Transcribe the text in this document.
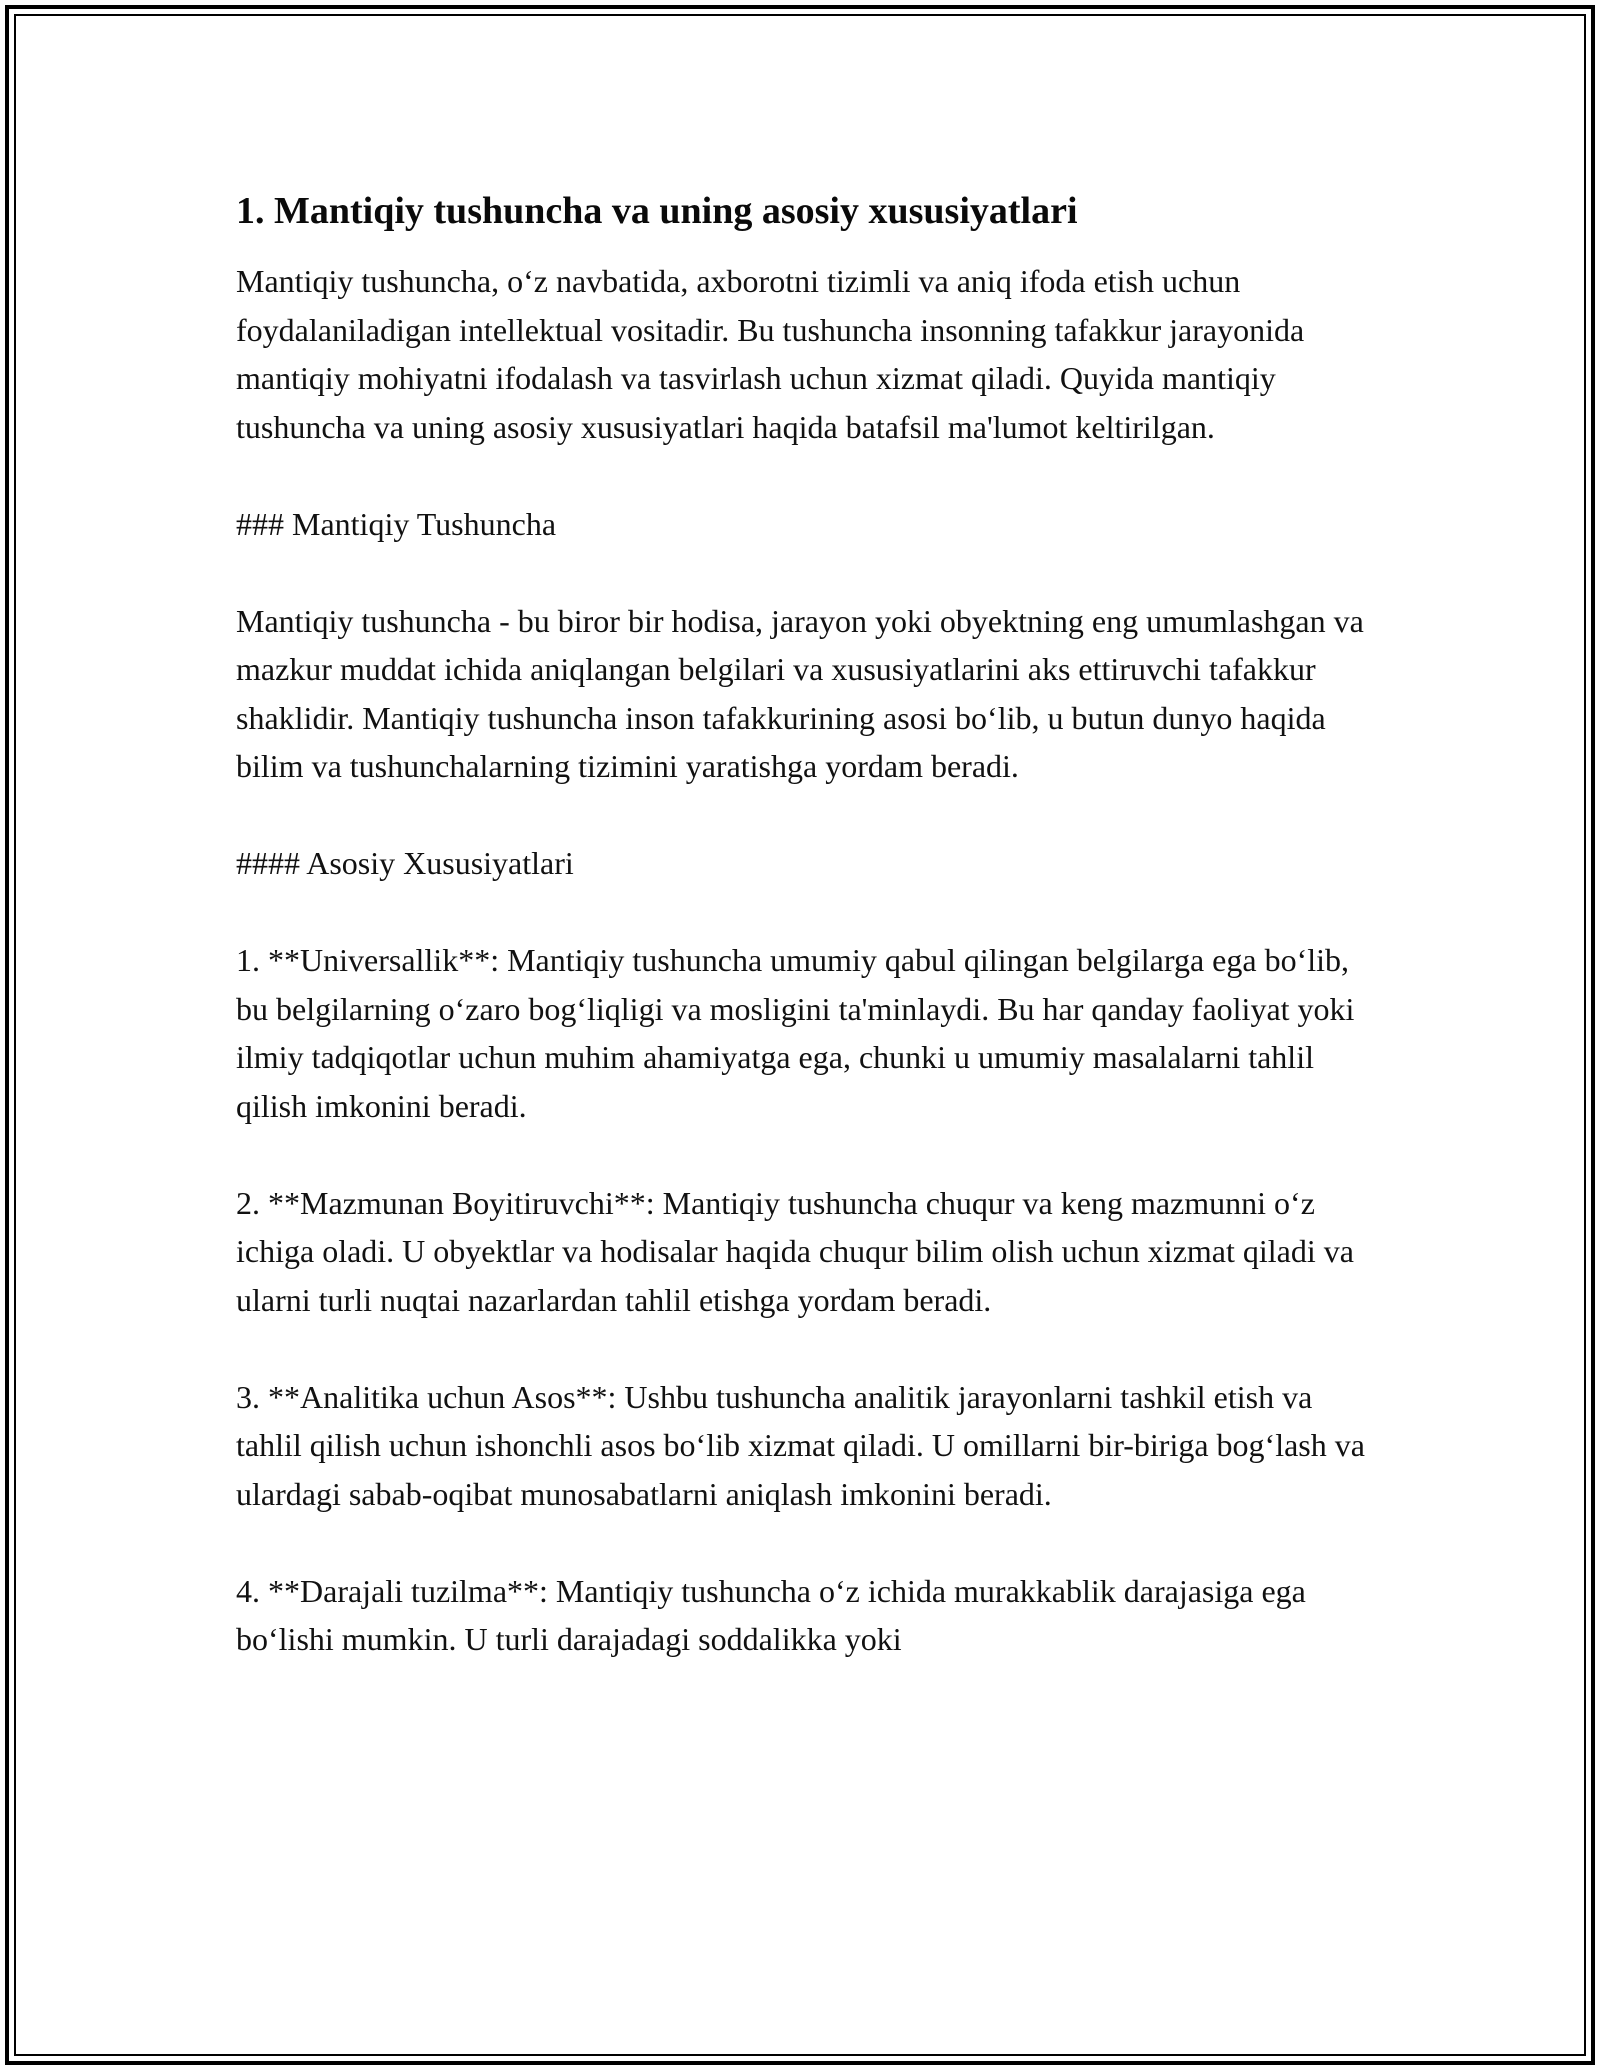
1. Mantiqiy tushuncha va uning asosiy xususiyatlari

Mantiqiy tushuncha, o‘z navbatida, axborotni tizimli va aniq ifoda etish uchun foydalaniladigan intellektual vositadir. Bu tushuncha insonning tafakkur jarayonida mantiqiy mohiyatni ifodalash va tasvirlash uchun xizmat qiladi. Quyida mantiqiy tushuncha va uning asosiy xususiyatlari haqida batafsil ma'lumot keltirilgan.

### Mantiqiy Tushuncha

Mantiqiy tushuncha - bu biror bir hodisa, jarayon yoki obyektning eng umumlashgan va mazkur muddat ichida aniqlangan belgilari va xususiyatlarini aks ettiruvchi tafakkur shaklidir. Mantiqiy tushuncha inson tafakkurining asosi bo‘lib, u butun dunyo haqida bilim va tushunchalarning tizimini yaratishga yordam beradi.

#### Asosiy Xususiyatlari

1. **Universallik**: Mantiqiy tushuncha umumiy qabul qilingan belgilarga ega bo‘lib, bu belgilarning o‘zaro bog‘liqligi va mosligini ta'minlaydi. Bu har qanday faoliyat yoki ilmiy tadqiqotlar uchun muhim ahamiyatga ega, chunki u umumiy masalalarni tahlil qilish imkonini beradi.

2. **Mazmunan Boyitiruvchi**: Mantiqiy tushuncha chuqur va keng mazmunni o‘z ichiga oladi. U obyektlar va hodisalar haqida chuqur bilim olish uchun xizmat qiladi va ularni turli nuqtai nazarlardan tahlil etishga yordam beradi.

3. **Analitika uchun Asos**: Ushbu tushuncha analitik jarayonlarni tashkil etish va tahlil qilish uchun ishonchli asos bo‘lib xizmat qiladi. U omillarni bir-biriga bog‘lash va ulardagi sabab-oqibat munosabatlarni aniqlash imkonini beradi.

4. **Darajali tuzilma**: Mantiqiy tushuncha o‘z ichida murakkablik darajasiga ega bo‘lishi mumkin. U turli darajadagi soddalikka yoki
